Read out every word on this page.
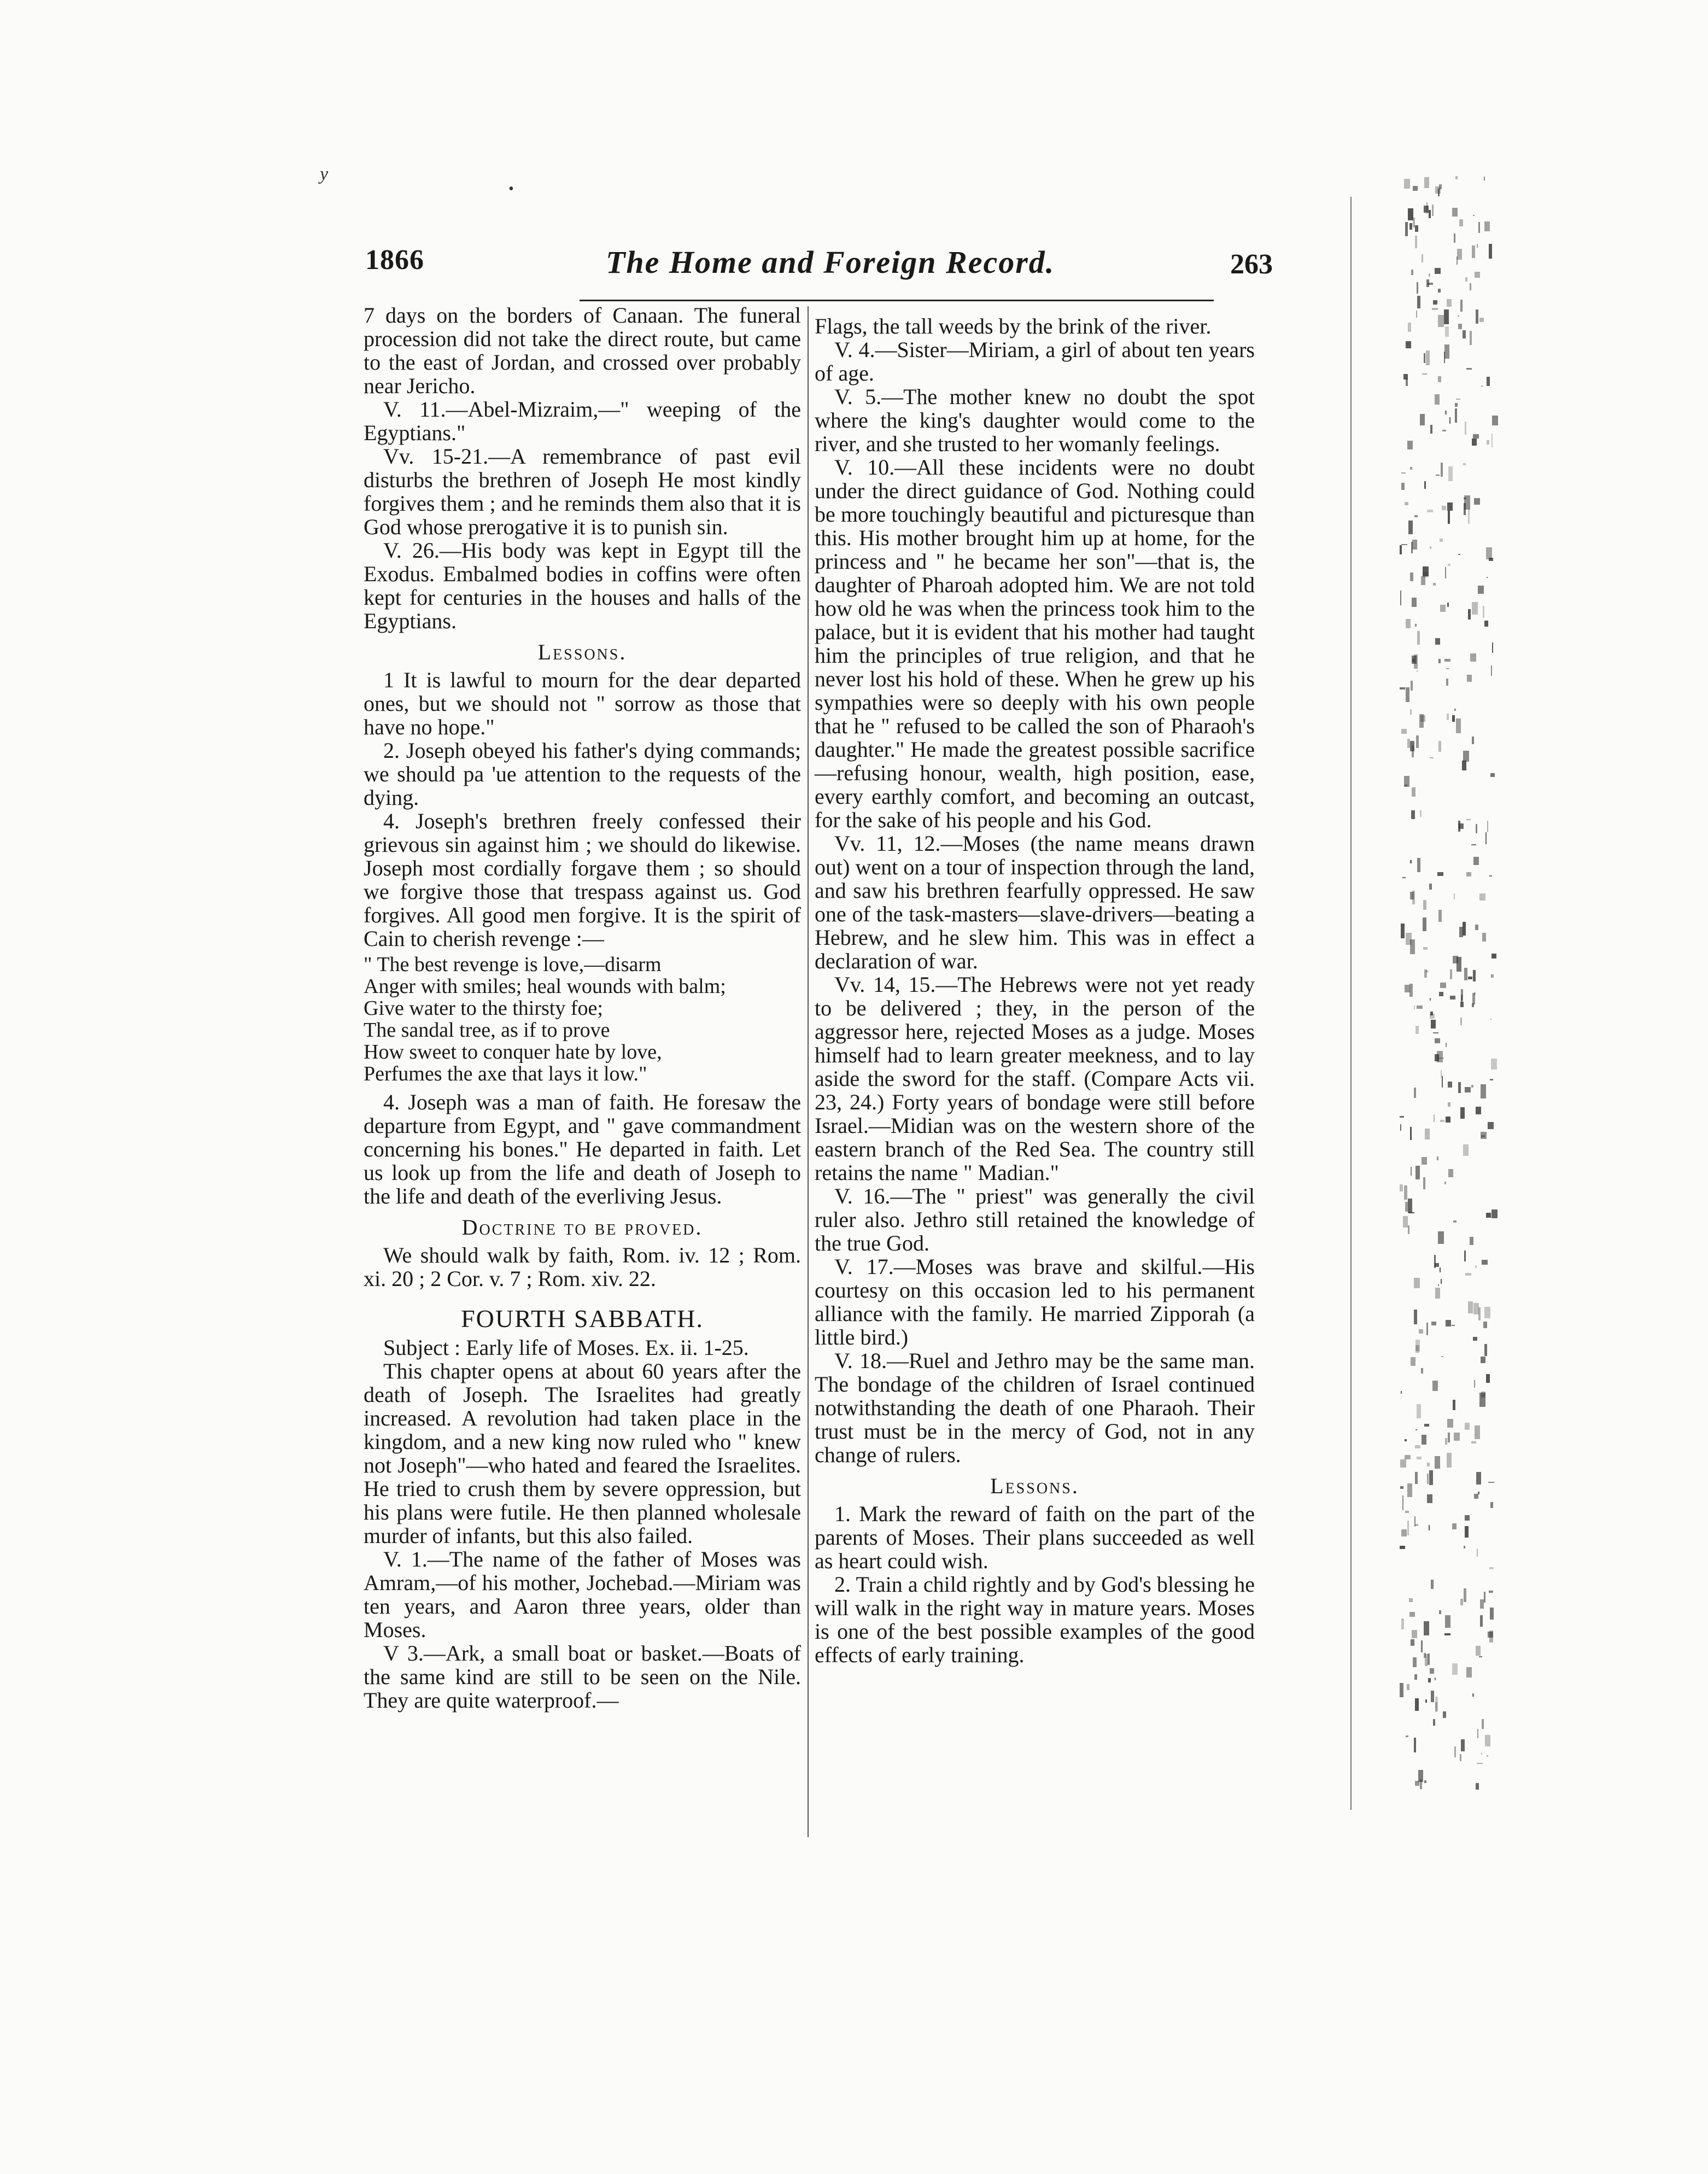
y
•
1866	The Home and Foreign Record.	263

7 days on the borders of Canaan. The funeral procession did not take the direct route, but came to the east of Jordan, and crossed over probably near Jericho.

V. 11.—Abel-Mizraim,—" weeping of the Egyptians."

Vv. 15-21.—A remembrance of past evil disturbs the brethren of Joseph He most kindly forgives them ; and he reminds them also that it is God whose prerogative it is to punish sin.

V. 26.—His body was kept in Egypt till the Exodus. Embalmed bodies in coffins were often kept for centuries in the houses and halls of the Egyptians.

Lessons.

1 It is lawful to mourn for the dear departed ones, but we should not " sorrow as those that have no hope."

2. Joseph obeyed his father's dying commands; we should pa 'ue attention to the requests of the dying.

4. Joseph's brethren freely confessed their grievous sin against him ; we should do likewise. Joseph most cordially forgave them ; so should we forgive those that trespass against us. God forgives. All good men forgive. It is the spirit of Cain to cherish revenge :—

" The best revenge is love,—disarm
Anger with smiles; heal wounds with balm;
Give water to the thirsty foe;
The sandal tree, as if to prove
How sweet to conquer hate by love,
Perfumes the axe that lays it low."

4. Joseph was a man of faith. He foresaw the departure from Egypt, and " gave commandment concerning his bones." He departed in faith. Let us look up from the life and death of Joseph to the life and death of the everliving Jesus.

Doctrine to be proved.

We should walk by faith, Rom. iv. 12 ; Rom. xi. 20 ; 2 Cor. v. 7 ; Rom. xiv. 22.

FOURTH SABBATH.

Subject : Early life of Moses. Ex. ii. 1-25.

This chapter opens at about 60 years after the death of Joseph. The Israelites had greatly increased. A revolution had taken place in the kingdom, and a new king now ruled who " knew not Joseph"—who hated and feared the Israelites. He tried to crush them by severe oppression, but his plans were futile. He then planned wholesale murder of infants, but this also failed.

V. 1.—The name of the father of Moses was Amram,—of his mother, Jochebad.—Miriam was ten years, and Aaron three years, older than Moses.

V 3.—Ark, a small boat or basket.—Boats of the same kind are still to be seen on the Nile. They are quite waterproof.—

Flags, the tall weeds by the brink of the river.

V. 4.—Sister—Miriam, a girl of about ten years of age.

V. 5.—The mother knew no doubt the spot where the king's daughter would come to the river, and she trusted to her womanly feelings.

V. 10.—All these incidents were no doubt under the direct guidance of God. Nothing could be more touchingly beautiful and picturesque than this. His mother brought him up at home, for the princess and " he became her son"—that is, the daughter of Pharoah adopted him. We are not told how old he was when the princess took him to the palace, but it is evident that his mother had taught him the principles of true religion, and that he never lost his hold of these. When he grew up his sympathies were so deeply with his own people that he " refused to be called the son of Pharaoh's daughter." He made the greatest possible sacrifice—refusing honour, wealth, high position, ease, every earthly comfort, and becoming an outcast, for the sake of his people and his God.

Vv. 11, 12.—Moses (the name means drawn out) went on a tour of inspection through the land, and saw his brethren fearfully oppressed. He saw one of the task-masters—slave-drivers—beating a Hebrew, and he slew him. This was in effect a declaration of war.

Vv. 14, 15.—The Hebrews were not yet ready to be delivered ; they, in the person of the aggressor here, rejected Moses as a judge. Moses himself had to learn greater meekness, and to lay aside the sword for the staff. (Compare Acts vii. 23, 24.) Forty years of bondage were still before Israel.—Midian was on the western shore of the eastern branch of the Red Sea. The country still retains the name " Madian."

V. 16.—The " priest" was generally the civil ruler also. Jethro still retained the knowledge of the true God.

V. 17.—Moses was brave and skilful.—His courtesy on this occasion led to his permanent alliance with the family. He married Zipporah (a little bird.)

V. 18.—Ruel and Jethro may be the same man. The bondage of the children of Israel continued notwithstanding the death of one Pharaoh. Their trust must be in the mercy of God, not in any change of rulers.

Lessons.

1. Mark the reward of faith on the part of the parents of Moses. Their plans succeeded as well as heart could wish.

2. Train a child rightly and by God's blessing he will walk in the right way in mature years. Moses is one of the best possible examples of the good effects of early training.
